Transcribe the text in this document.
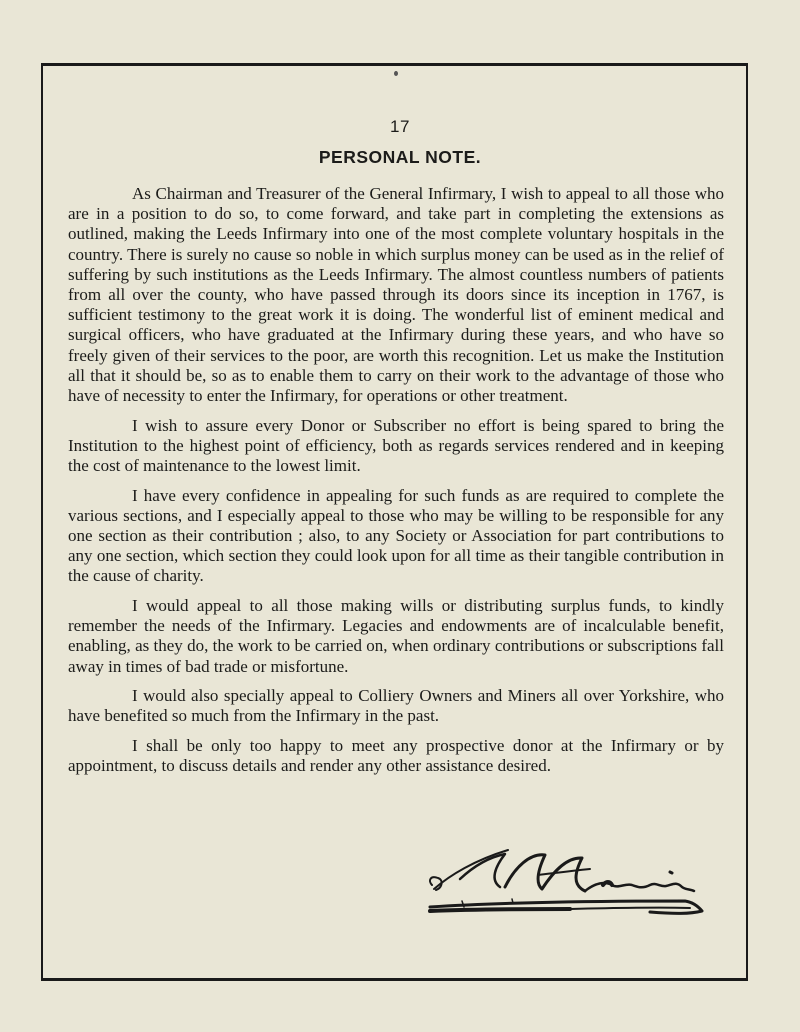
17
PERSONAL NOTE.

As Chairman and Treasurer of the General Infirmary, I wish to appeal to all those who are in a position to do so, to come forward, and take part in completing the extensions as outlined, making the Leeds Infirmary into one of the most complete voluntary hospitals in the country. There is surely no cause so noble in which surplus money can be used as in the relief of suffering by such institutions as the Leeds Infirmary. The almost countless numbers of patients from all over the county, who have passed through its doors since its inception in 1767, is sufficient testimony to the great work it is doing. The wonderful list of eminent medical and surgical officers, who have graduated at the Infirmary during these years, and who have so freely given of their services to the poor, are worth this recognition. Let us make the Institution all that it should be, so as to enable them to carry on their work to the advantage of those who have of necessity to enter the Infirmary, for operations or other treatment.

I wish to assure every Donor or Subscriber no effort is being spared to bring the Institution to the highest point of efficiency, both as regards services rendered and in keeping the cost of maintenance to the lowest limit.

I have every confidence in appealing for such funds as are required to complete the various sections, and I especially appeal to those who may be willing to be responsible for any one section as their contribution ; also, to any Society or Association for part contributions to any one section, which section they could look upon for all time as their tangible contribution in the cause of charity.

I would appeal to all those making wills or distributing surplus funds, to kindly remember the needs of the Infirmary. Legacies and endowments are of incalculable benefit, enabling, as they do, the work to be carried on, when ordinary contributions or subscriptions fall away in times of bad trade or misfortune.

I would also specially appeal to Colliery Owners and Miners all over Yorkshire, who have benefited so much from the Infirmary in the past.

I shall be only too happy to meet any prospective donor at the Infirmary or by appointment, to discuss details and render any other assistance desired.
